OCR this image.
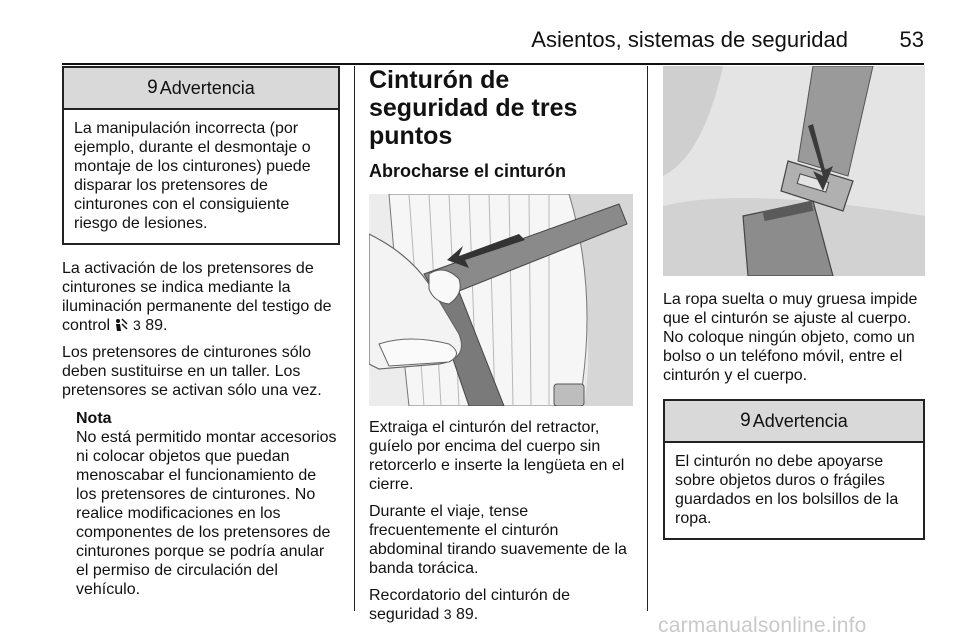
Asientos, sistemas de seguridad 53
9 Advertencia
La manipulación incorrecta (por ejemplo, durante el desmontaje o montaje de los cinturones) puede disparar los pretensores de cinturones con el consiguiente riesgo de lesiones.

La activación de los pretensores de cinturones se indica mediante la iluminación permanente del testigo de control 3 89.

Los pretensores de cinturones sólo deben sustituirse en un taller. Los pretensores se activan sólo una vez.

Nota
No está permitido montar accesorios ni colocar objetos que puedan menoscabar el funcionamiento de los pretensores de cinturones. No realice modificaciones en los componentes de los pretensores de cinturones porque se podría anular el permiso de circulación del vehículo.
Cinturón de seguridad de tres puntos
Abrocharse el cinturón

Extraiga el cinturón del retractor, guíelo por encima del cuerpo sin retorcerlo e inserte la lengüeta en el cierre.

Durante el viaje, tense frecuentemente el cinturón abdominal tirando suavemente de la banda torácica.

Recordatorio del cinturón de seguridad 3 89.

La ropa suelta o muy gruesa impide que el cinturón se ajuste al cuerpo. No coloque ningún objeto, como un bolso o un teléfono móvil, entre el cinturón y el cuerpo.

9 Advertencia
El cinturón no debe apoyarse sobre objetos duros o frágiles guardados en los bolsillos de la ropa.
carmanualsonline.info
